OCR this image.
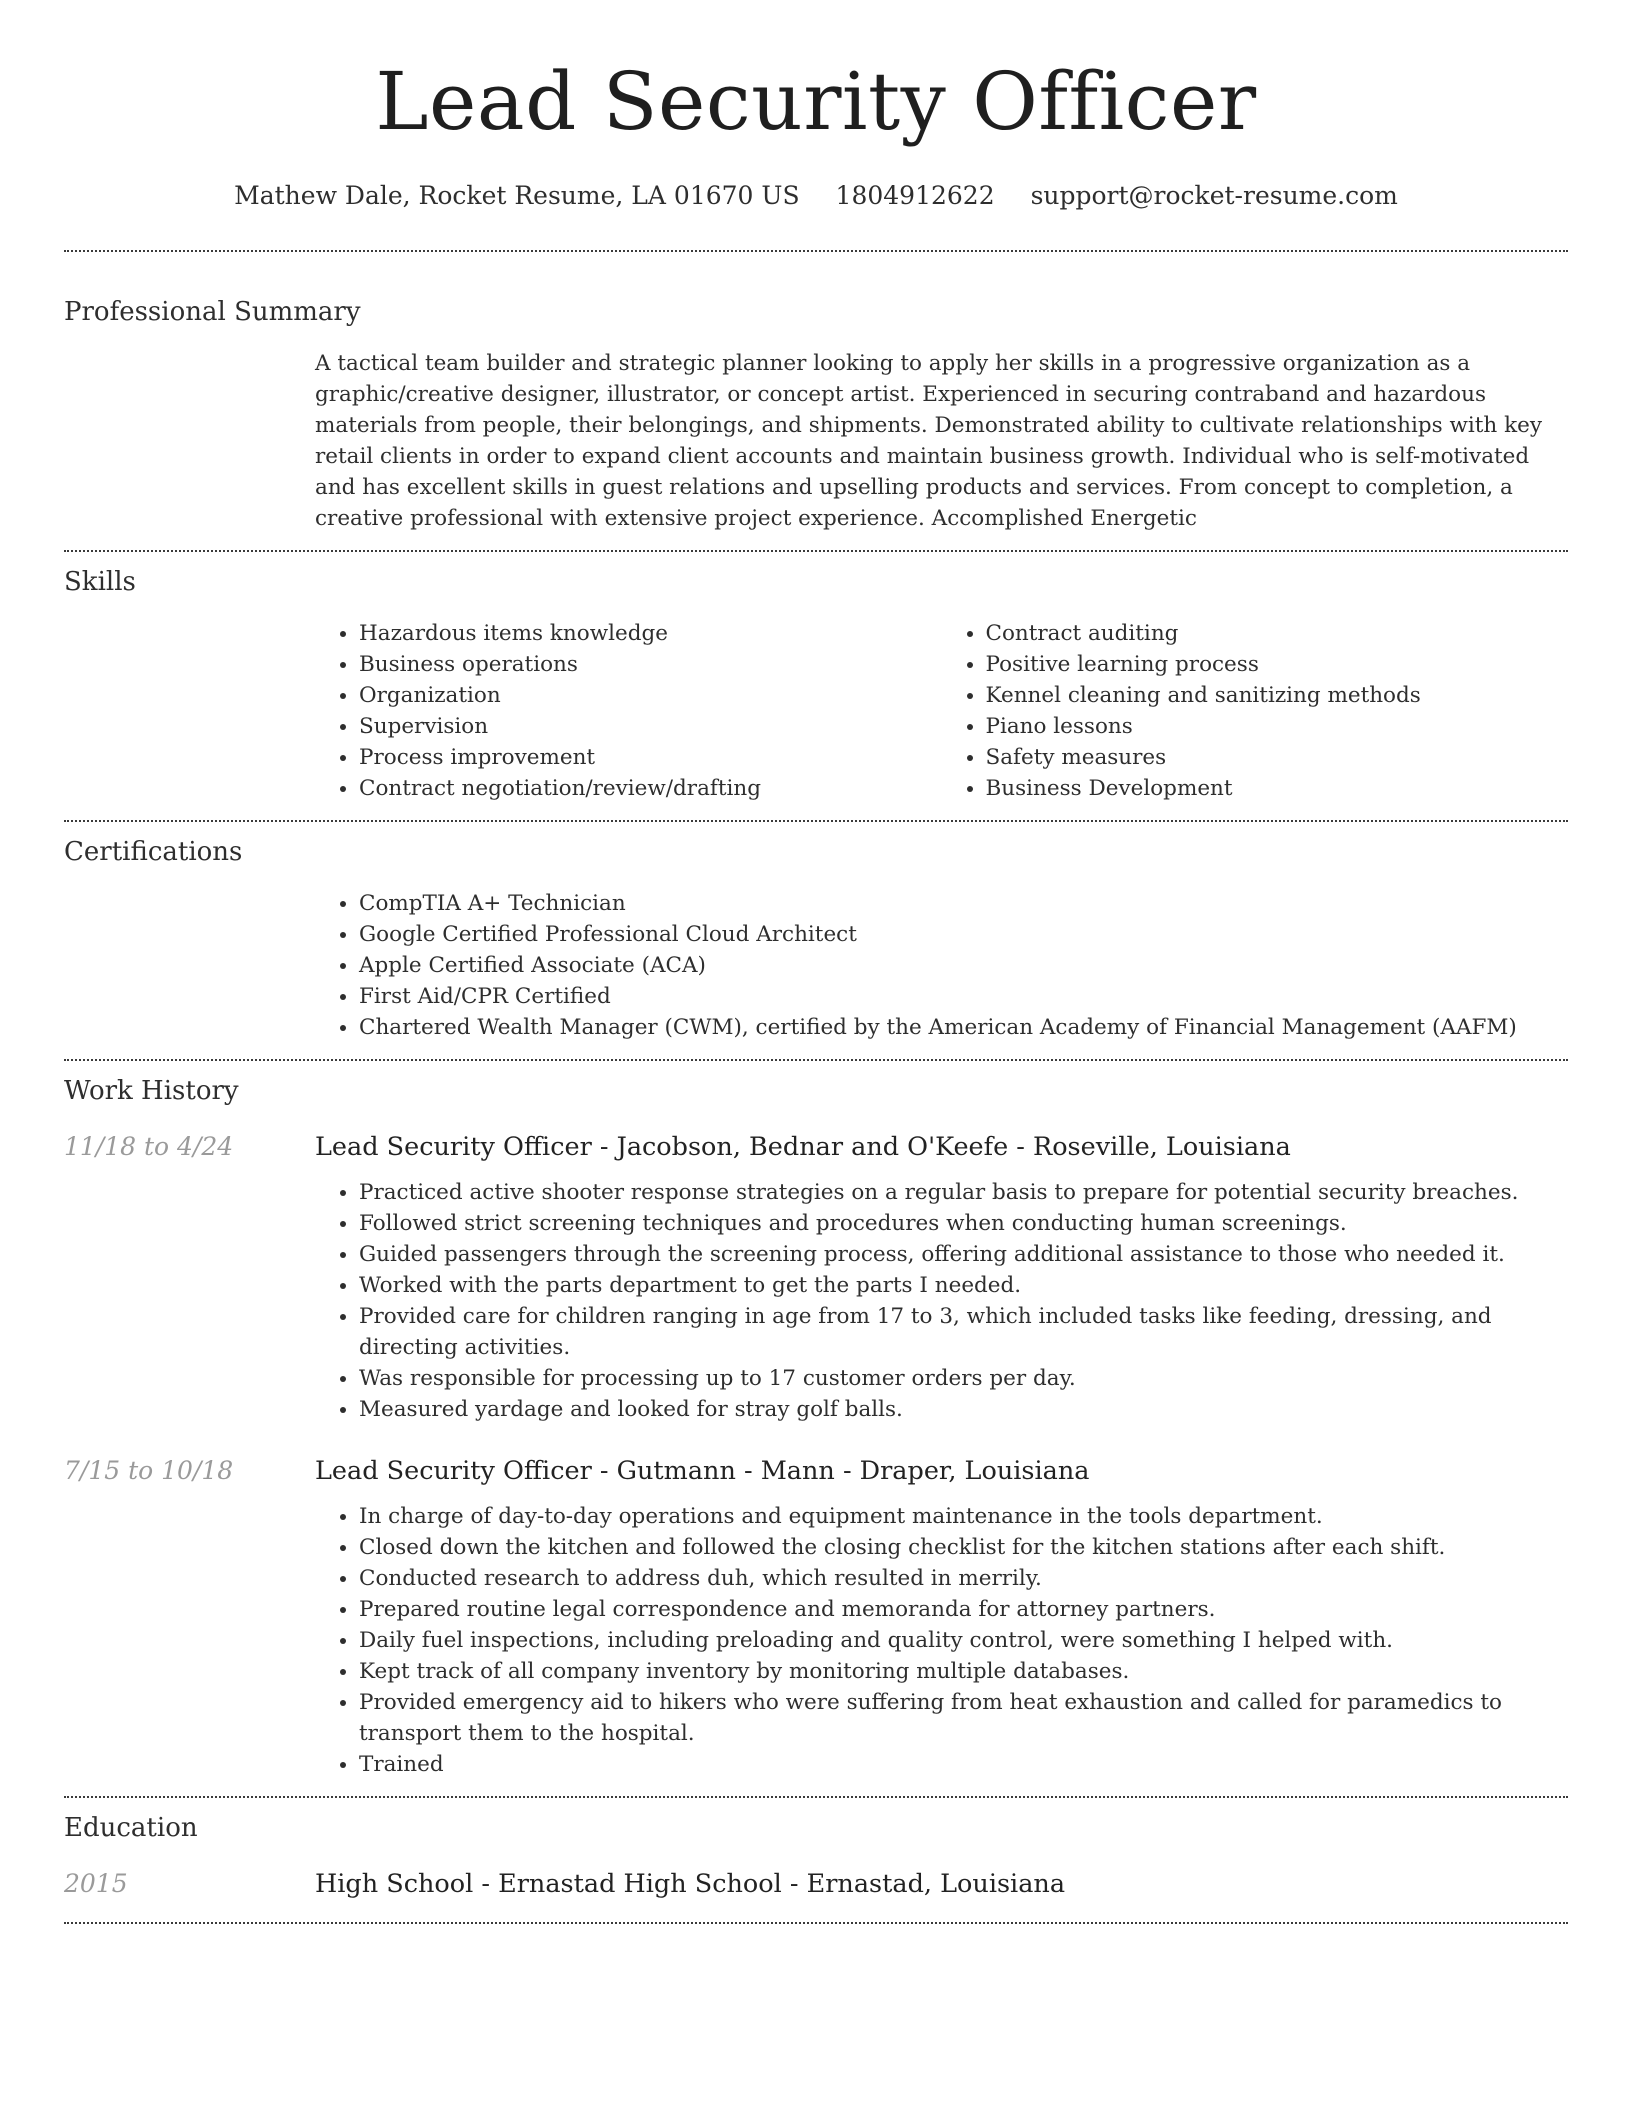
Lead Security Officer
Mathew Dale, Rocket Resume, LA 01670 US 1804912622 support@rocket-resume.com
Professional Summary
A tactical team builder and strategic planner looking to apply her skills in a progressive organization as a graphic/creative designer, illustrator, or concept artist. Experienced in securing contraband and hazardous materials from people, their belongings, and shipments. Demonstrated ability to cultivate relationships with key retail clients in order to expand client accounts and maintain business growth. Individual who is self-motivated and has excellent skills in guest relations and upselling products and services. From concept to completion, a creative professional with extensive project experience. Accomplished Energetic
Skills
• Hazardous items knowledge
• Business operations
• Organization
• Supervision
• Process improvement
• Contract negotiation/review/drafting
• Contract auditing
• Positive learning process
• Kennel cleaning and sanitizing methods
• Piano lessons
• Safety measures
• Business Development
Certifications
• CompTIA A+ Technician
• Google Certified Professional Cloud Architect
• Apple Certified Associate (ACA)
• First Aid/CPR Certified
• Chartered Wealth Manager (CWM), certified by the American Academy of Financial Management (AAFM)
Work History
11/18 to 4/24	Lead Security Officer - Jacobson, Bednar and O'Keefe - Roseville, Louisiana
• Practiced active shooter response strategies on a regular basis to prepare for potential security breaches.
• Followed strict screening techniques and procedures when conducting human screenings.
• Guided passengers through the screening process, offering additional assistance to those who needed it.
• Worked with the parts department to get the parts I needed.
• Provided care for children ranging in age from 17 to 3, which included tasks like feeding, dressing, and directing activities.
• Was responsible for processing up to 17 customer orders per day.
• Measured yardage and looked for stray golf balls.
7/15 to 10/18	Lead Security Officer - Gutmann - Mann - Draper, Louisiana
• In charge of day-to-day operations and equipment maintenance in the tools department.
• Closed down the kitchen and followed the closing checklist for the kitchen stations after each shift.
• Conducted research to address duh, which resulted in merrily.
• Prepared routine legal correspondence and memoranda for attorney partners.
• Daily fuel inspections, including preloading and quality control, were something I helped with.
• Kept track of all company inventory by monitoring multiple databases.
• Provided emergency aid to hikers who were suffering from heat exhaustion and called for paramedics to transport them to the hospital.
• Trained
Education
2015	High School - Ernastad High School - Ernastad, Louisiana
